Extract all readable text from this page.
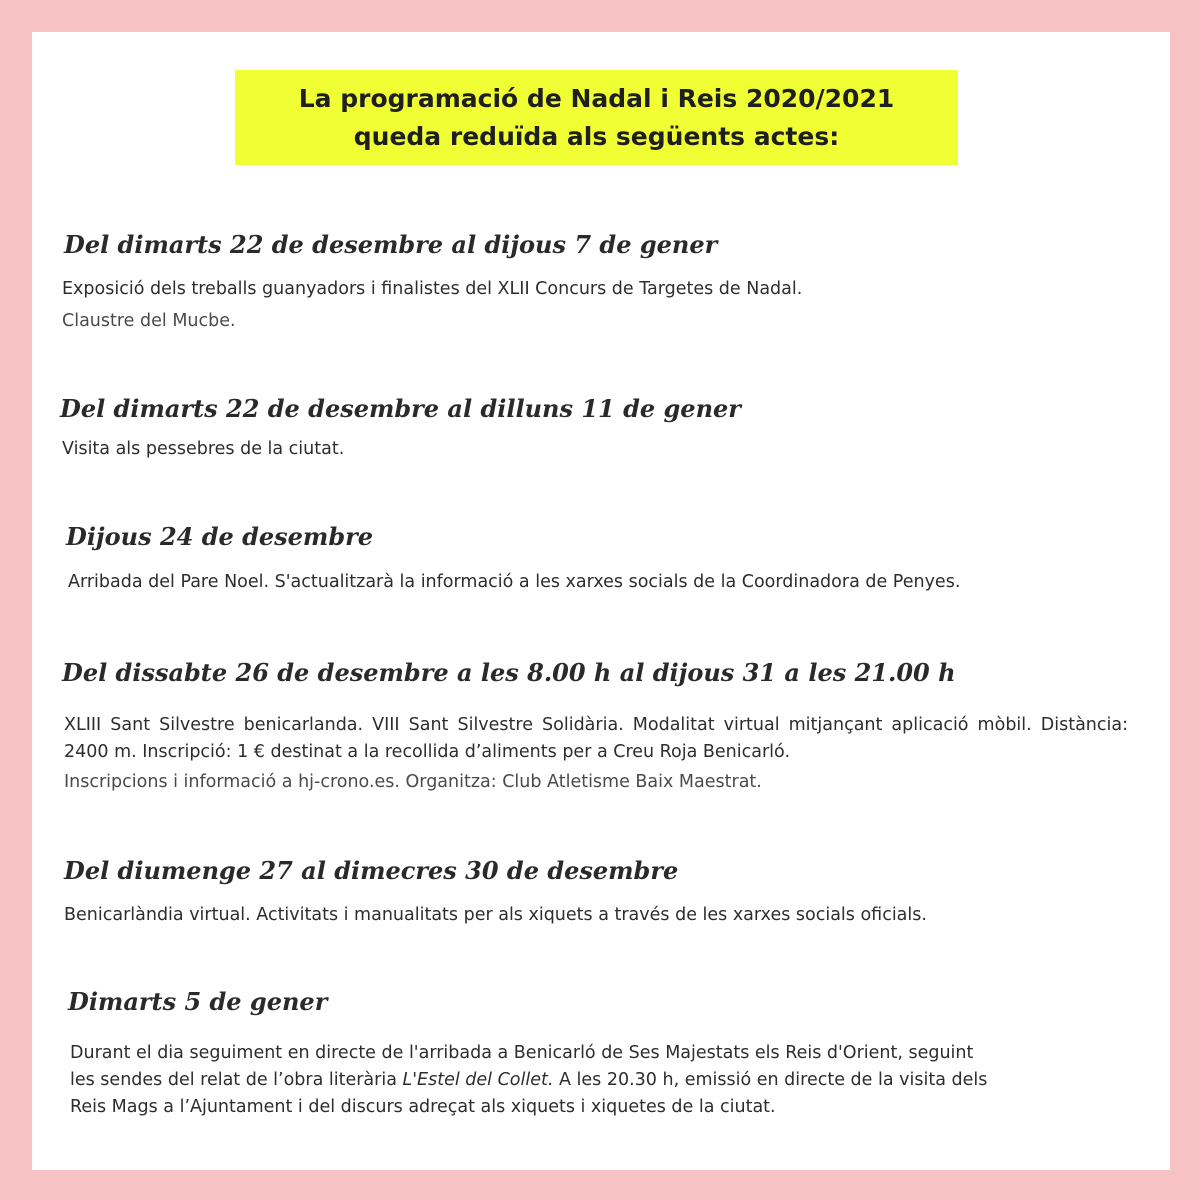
La programació de Nadal i Reis 2020/2021
queda reduïda als següents actes:
Del dimarts 22 de desembre al dijous 7 de gener
Exposició dels treballs guanyadors i finalistes del XLII Concurs de Targetes de Nadal.
Claustre del Mucbe.
Del dimarts 22 de desembre al dilluns 11 de gener
Visita als pessebres de la ciutat.
Dijous 24 de desembre
Arribada del Pare Noel. S'actualitzarà la informació a les xarxes socials de la Coordinadora de Penyes.
Del dissabte 26 de desembre a les 8.00 h al dijous 31 a les 21.00 h
XLIII Sant Silvestre benicarlanda. VIII Sant Silvestre Solidària. Modalitat virtual mitjançant aplicació mòbil. Distància: 2400 m. Inscripció: 1 € destinat a la recollida d’aliments per a Creu Roja Benicarló.
Inscripcions i informació a hj-crono.es. Organitza: Club Atletisme Baix Maestrat.
Del diumenge 27 al dimecres 30 de desembre
Benicarlàndia virtual. Activitats i manualitats per als xiquets a través de les xarxes socials oficials.
Dimarts 5 de gener
Durant el dia seguiment en directe de l'arribada a Benicarló de Ses Majestats els Reis d'Orient, seguint
les sendes del relat de l’obra literària L'Estel del Collet. A les 20.30 h, emissió en directe de la visita dels
Reis Mags a l’Ajuntament i del discurs adreçat als xiquets i xiquetes de la ciutat.
